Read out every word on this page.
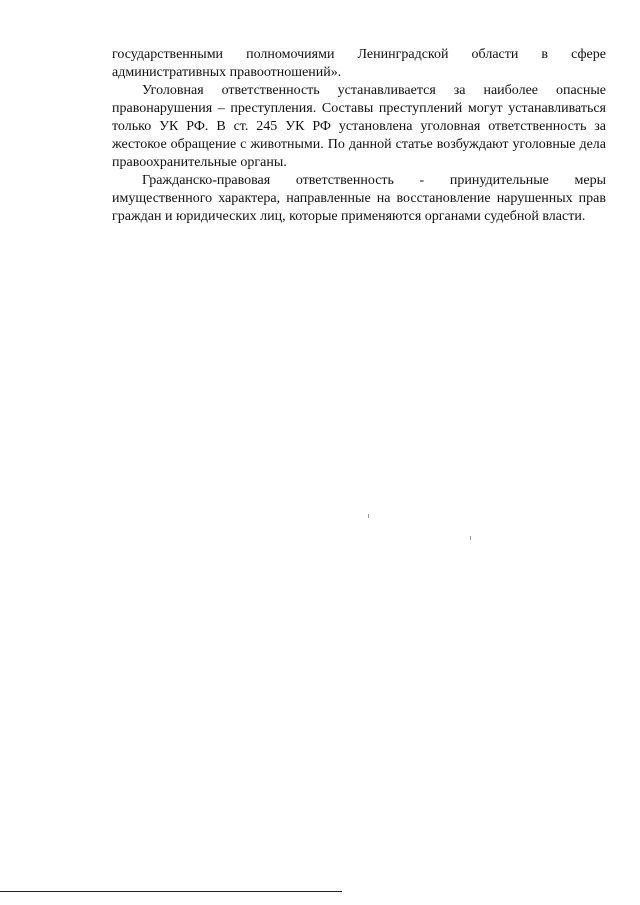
государственными полномочиями Ленинградской области в сфере административных правоотношений».

Уголовная ответственность устанавливается за наиболее опасные правонарушения – преступления. Составы преступлений могут устанавливаться только УК РФ. В ст. 245 УК РФ установлена уголовная ответственность за жестокое обращение с животными. По данной статье возбуждают уголовные дела правоохранительные органы.

Гражданско-правовая ответственность - принудительные меры имущественного характера, направленные на восстановление нарушенных прав граждан и юридических лиц, которые применяются органами судебной власти.
